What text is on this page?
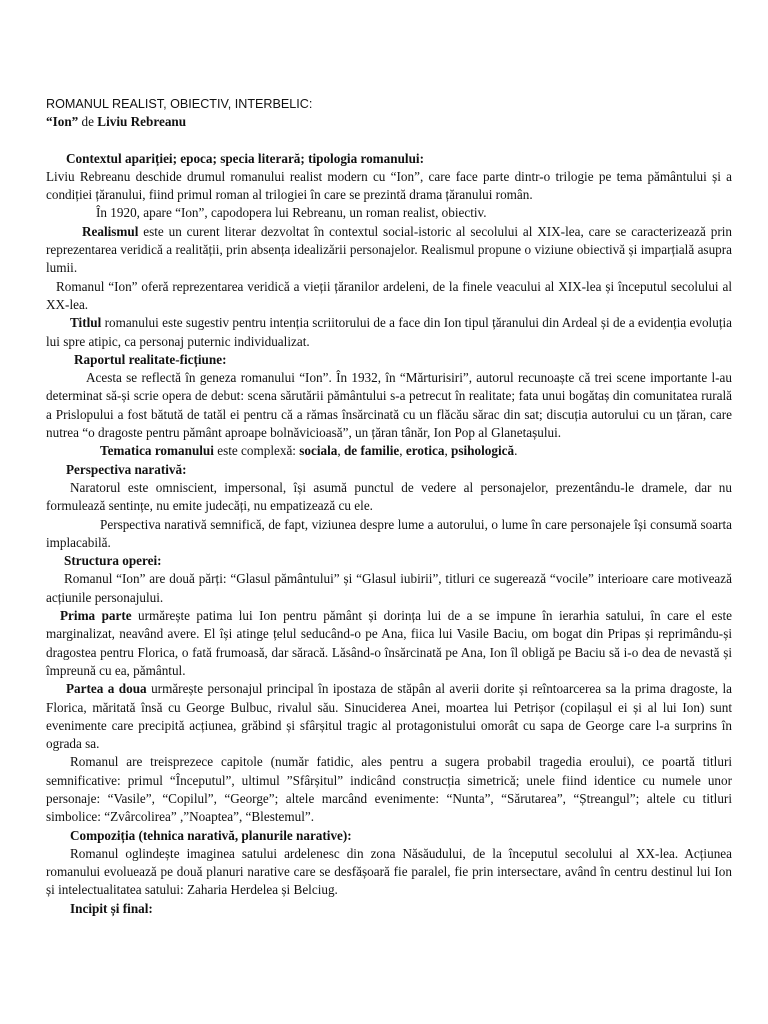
ROMANUL REALIST, OBIECTIV, INTERBELIC:

“Ion” de Liviu Rebreanu

Contextul apariției; epoca; specia literară; tipologia romanului:

Liviu Rebreanu deschide drumul romanului realist modern cu “Ion”, care face parte dintr-o trilogie pe tema pământului și a condiției țăranului, fiind primul roman al trilogiei în care se prezintă drama țăranului român.

În 1920, apare “Ion”, capodopera lui Rebreanu, un roman realist, obiectiv.

Realismul este un curent literar dezvoltat în contextul social-istoric al secolului al XIX-lea, care se caracterizează prin reprezentarea veridică a realității, prin absența idealizării personajelor. Realismul propune o viziune obiectivă și imparțială asupra lumii.

Romanul “Ion” oferă reprezentarea veridică a vieții țăranilor ardeleni, de la finele veacului al XIX-lea și începutul secolului al XX-lea.

Titlul romanului este sugestiv pentru intenția scriitorului de a face din Ion tipul țăranului din Ardeal și de a evidenția evoluția lui spre atipic, ca personaj puternic individualizat.

Raportul realitate-ficțiune:

Acesta se reflectă în geneza romanului “Ion”. În 1932, în “Mărturisiri”, autorul recunoaște că trei scene importante l-au determinat să-și scrie opera de debut: scena sărutării pământului s-a petrecut în realitate; fata unui bogătaș din comunitatea rurală a Prislopului a fost bătută de tatăl ei pentru că a rămas însărcinată cu un flăcău sărac din sat; discuția autorului cu un țăran, care nutrea “o dragoste pentru pământ aproape bolnăvicioasă”, un țăran tânăr, Ion Pop al Glanetașului.

Tematica romanului este complexă: sociala, de familie, erotica, psihologică.

Perspectiva narativă:

Naratorul este omniscient, impersonal, își asumă punctul de vedere al personajelor, prezentându-le dramele, dar nu formulează sentințe, nu emite judecăți, nu empatizează cu ele.

Perspectiva narativă semnifică, de fapt, viziunea despre lume a autorului, o lume în care personajele își consumă soarta implacabilă.

Structura operei:

Romanul “Ion” are două părți: “Glasul pământului” și “Glasul iubirii”, titluri ce sugerează “vocile” interioare care motivează acțiunile personajului.

Prima parte urmărește patima lui Ion pentru pământ și dorința lui de a se impune în ierarhia satului, în care el este marginalizat, neavând avere. El își atinge țelul seducând-o pe Ana, fiica lui Vasile Baciu, om bogat din Pripas și reprimându-și dragostea pentru Florica, o fată frumoasă, dar săracă. Lăsând-o însărcinată pe Ana, Ion îl obligă pe Baciu să i-o dea de nevastă și împreună cu ea, pământul.

Partea a doua urmărește personajul principal în ipostaza de stăpân al averii dorite și reîntoarcerea sa la prima dragoste, la Florica, măritată însă cu George Bulbuc, rivalul său. Sinuciderea Anei, moartea lui Petrișor (copilașul ei și al lui Ion) sunt evenimente care precipită acțiunea, grăbind și sfârșitul tragic al protagonistului omorât cu sapa de George care l-a surprins în ograda sa.

Romanul are treisprezece capitole (număr fatidic, ales pentru a sugera probabil tragedia eroului), ce poartă titluri semnificative: primul “Începutul”, ultimul ”Sfârșitul” indicând construcția simetrică; unele fiind identice cu numele unor personaje: “Vasile”, “Copilul”, “George”; altele marcând evenimente: “Nunta”, “Sărutarea”, “Ștreangul”; altele cu titluri simbolice: “Zvârcolirea” ,”Noaptea”, “Blestemul”.

Compoziția (tehnica narativă, planurile narative):

Romanul oglindește imaginea satului ardelenesc din zona Năsăudului, de la începutul secolului al XX-lea. Acțiunea romanului evoluează pe două planuri narative care se desfășoară fie paralel, fie prin intersectare, având în centru destinul lui Ion și intelectualitatea satului: Zaharia Herdelea și Belciug.

Incipit și final:
